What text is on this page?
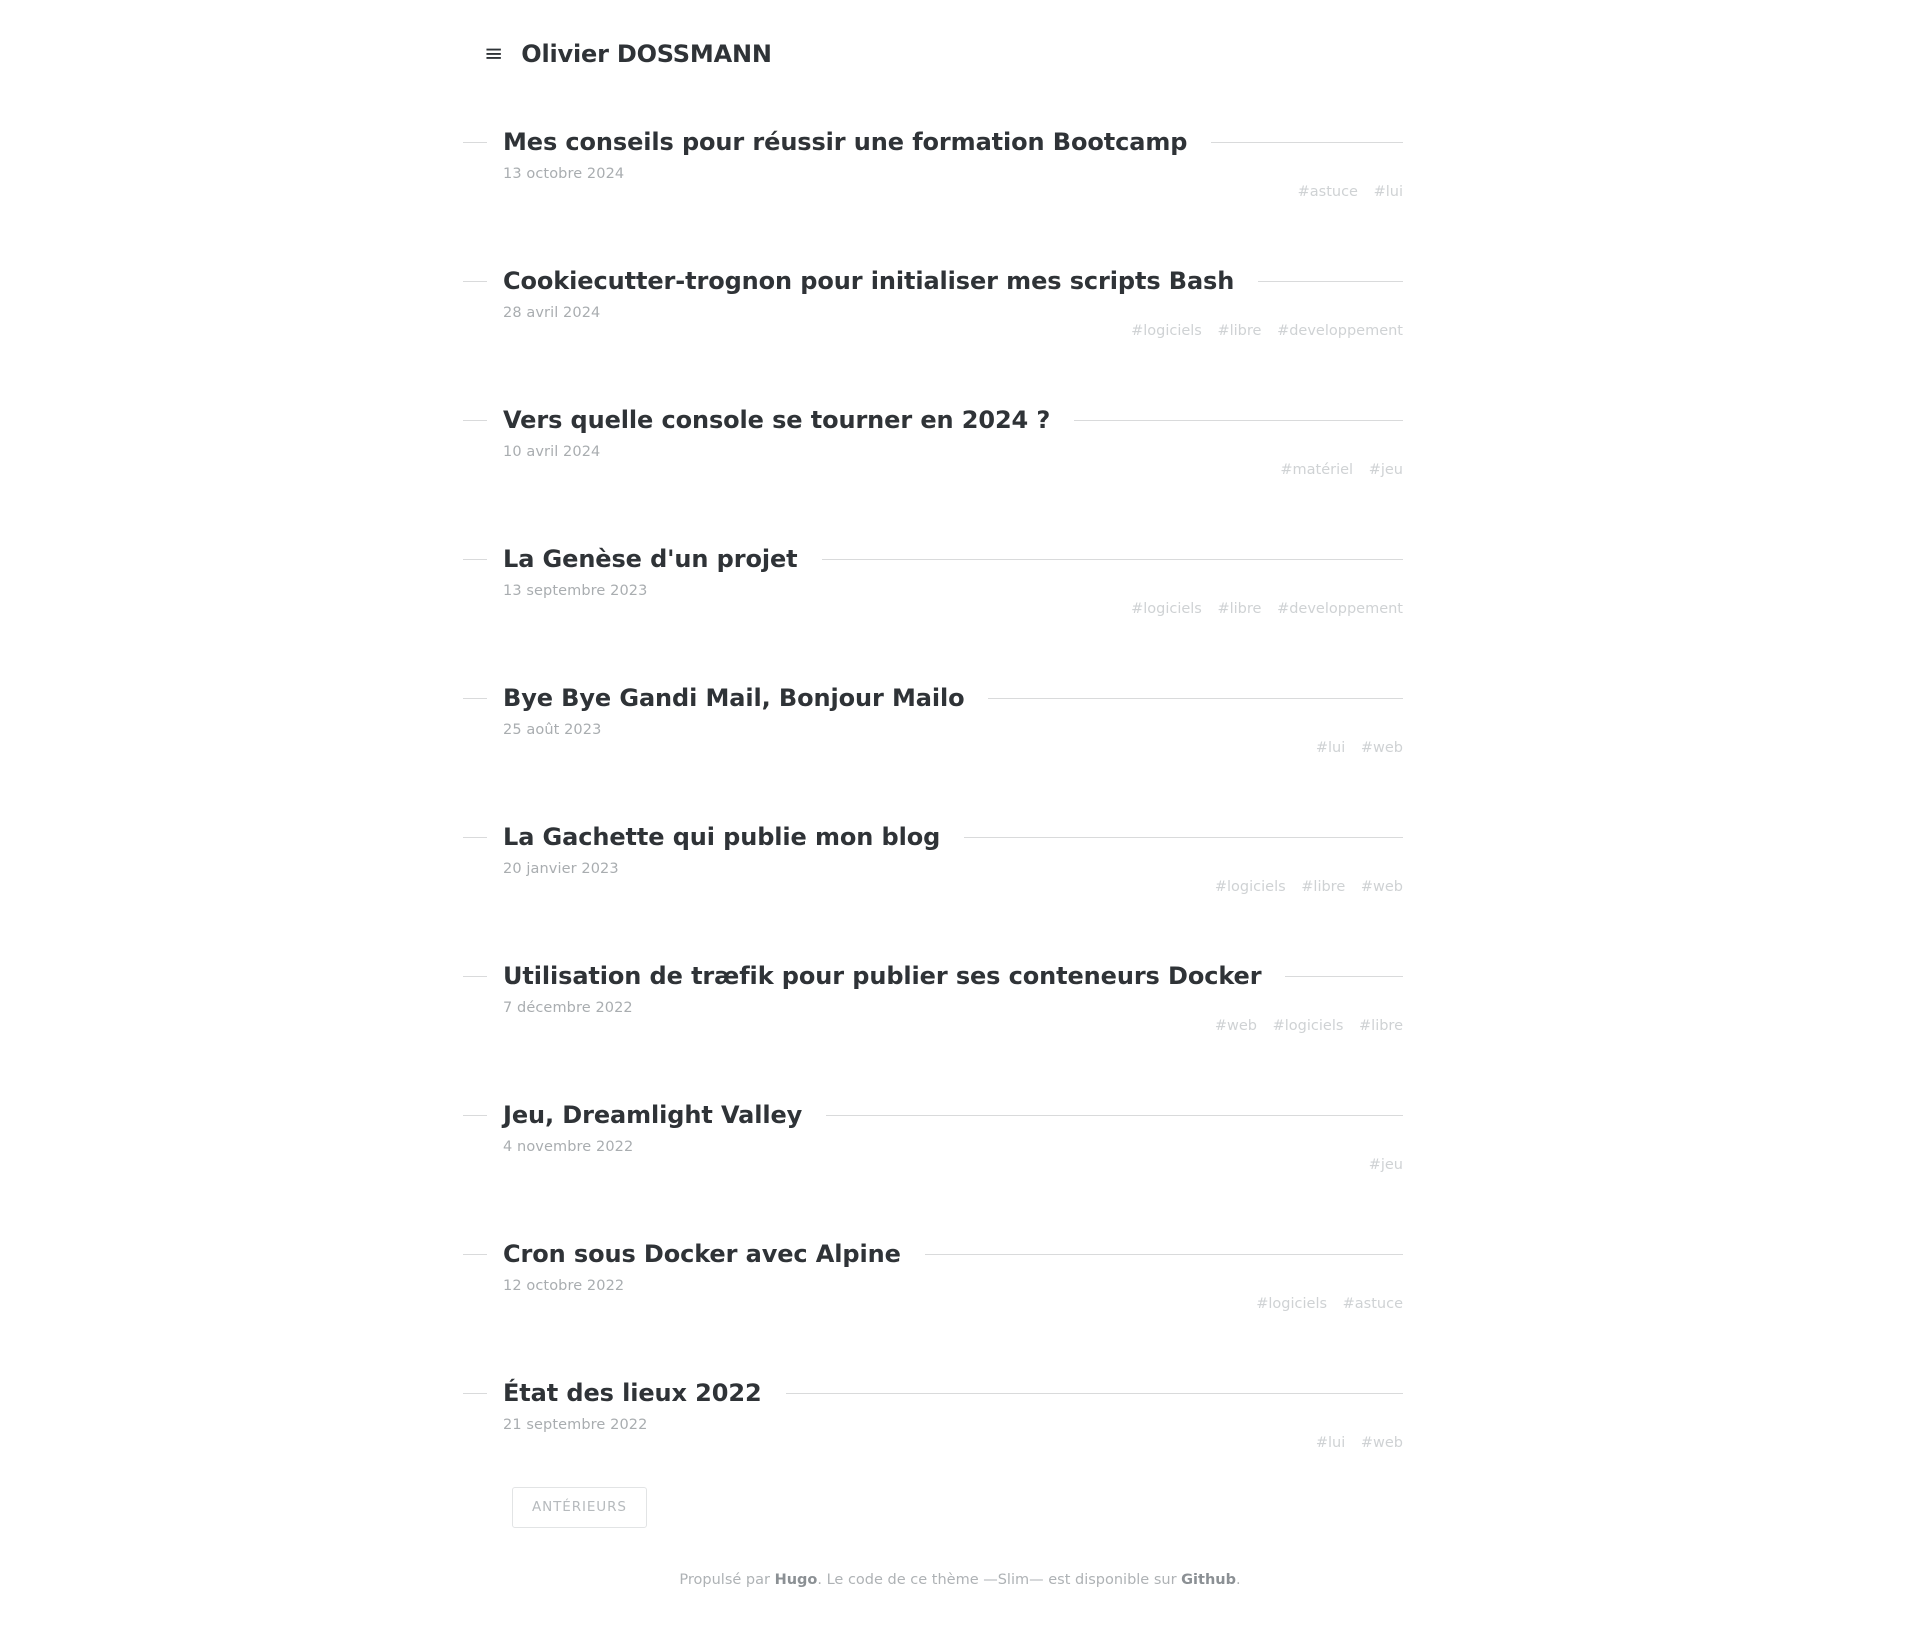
≡ Olivier DOSSMANN
Mes conseils pour réussir une formation Bootcamp
13 octobre 2024
#astuce #lui
Cookiecutter-trognon pour initialiser mes scripts Bash
28 avril 2024
#logiciels #libre #developpement
Vers quelle console se tourner en 2024 ?
10 avril 2024
#matériel #jeu
La Genèse d'un projet
13 septembre 2023
#logiciels #libre #developpement
Bye Bye Gandi Mail, Bonjour Mailo
25 août 2023
#lui #web
La Gachette qui publie mon blog
20 janvier 2023
#logiciels #libre #web
Utilisation de træfik pour publier ses conteneurs Docker
7 décembre 2022
#web #logiciels #libre
Jeu, Dreamlight Valley
4 novembre 2022
#jeu
Cron sous Docker avec Alpine
12 octobre 2022
#logiciels #astuce
État des lieux 2022
21 septembre 2022
#lui #web
ANTÉRIEURS
Propulsé par Hugo. Le code de ce thème —Slim— est disponible sur Github.
